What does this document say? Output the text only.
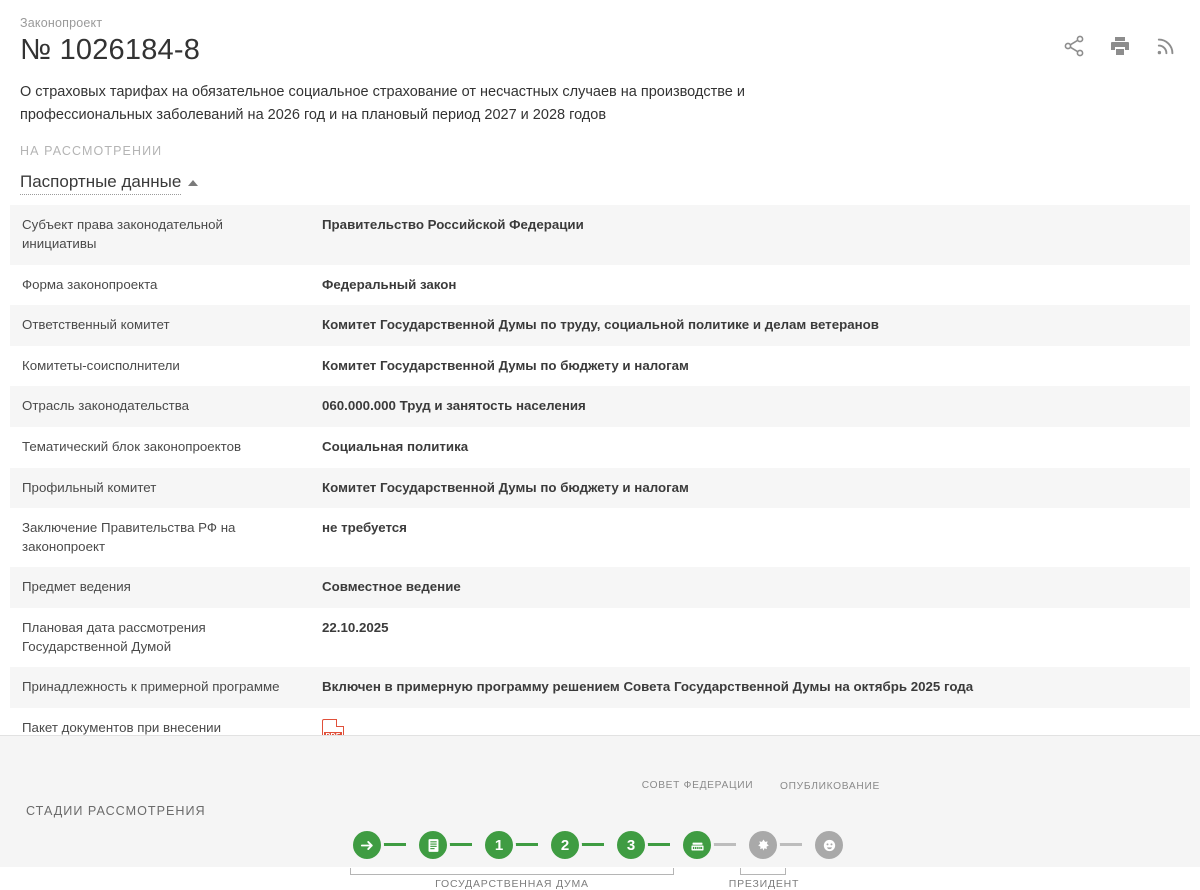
Законопроект
№ 1026184-8
О страховых тарифах на обязательное социальное страхование от несчастных случаев на производстве и профессиональных заболеваний на 2026 год и на плановый период 2027 и 2028 годов
НА РАССМОТРЕНИИ
Паспортные данные
Субъект права законодательной инициативы	Правительство Российской Федерации
Форма законопроекта	Федеральный закон
Ответственный комитет	Комитет Государственной Думы по труду, социальной политике и делам ветеранов
Комитеты-соисполнители	Комитет Государственной Думы по бюджету и налогам
Отрасль законодательства	060.000.000 Труд и занятость населения
Тематический блок законопроектов	Социальная политика
Профильный комитет	Комитет Государственной Думы по бюджету и налогам
Заключение Правительства РФ на законопроект	не требуется
Предмет ведения	Совместное ведение
Плановая дата рассмотрения Государственной Думой	22.10.2025
Принадлежность к примерной программе	Включен в примерную программу решением Совета Государственной Думы на октябрь 2025 года
Пакет документов при внесении	
СТАДИИ РАССМОТРЕНИЯ
1	2	3
СОВЕТ ФЕДЕРАЦИИ	ОПУБЛИКОВАНИЕ
ГОСУДАРСТВЕННАЯ ДУМА	ПРЕЗИДЕНТ
